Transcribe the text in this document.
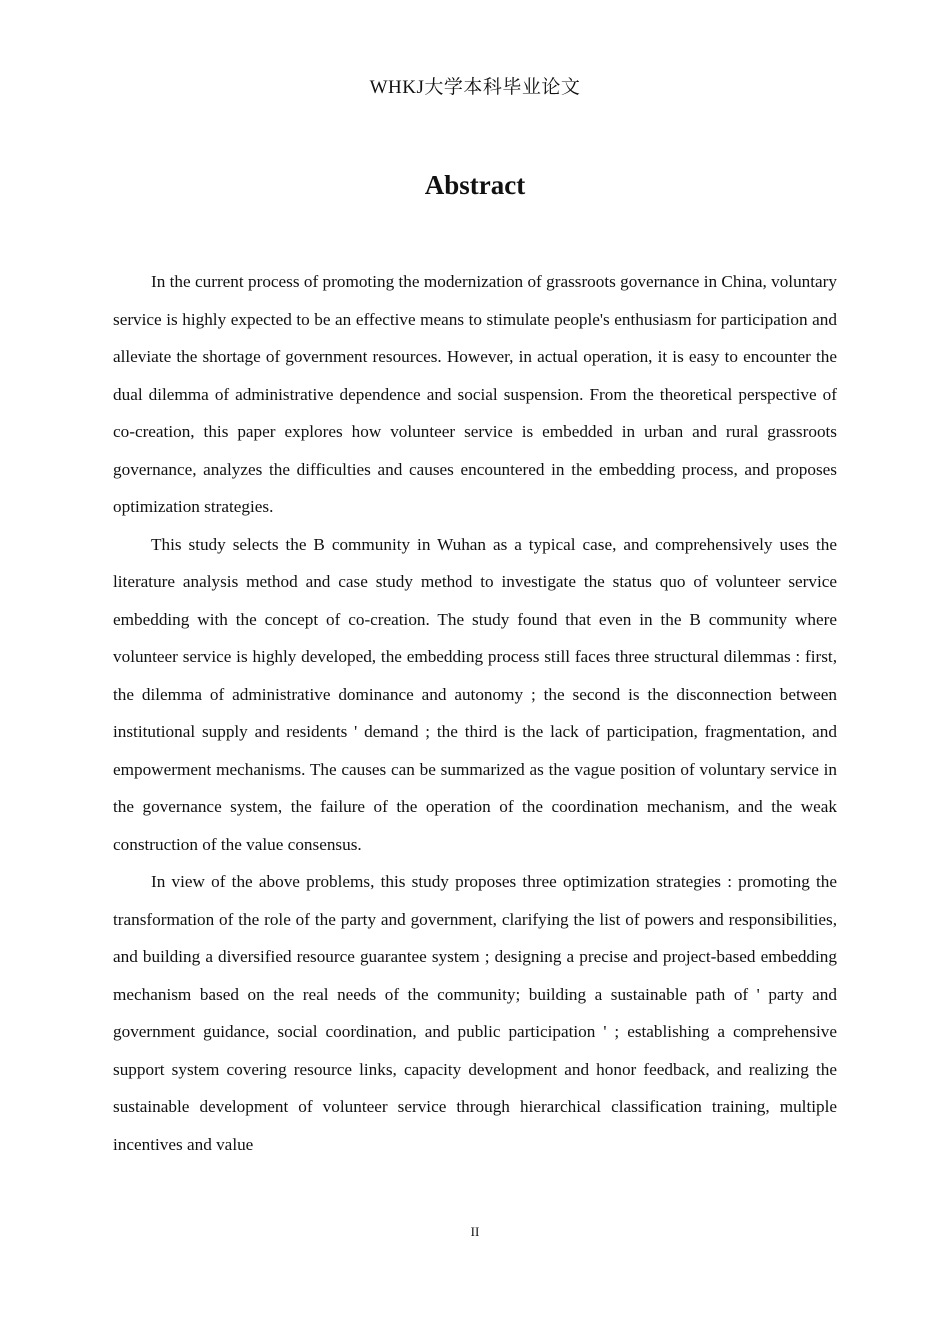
WHKJ大学本科毕业论文
Abstract

In the current process of promoting the modernization of grassroots governance in China, voluntary service is highly expected to be an effective means to stimulate people's enthusiasm for participation and alleviate the shortage of government resources. However, in actual operation, it is easy to encounter the dual dilemma of administrative dependence and social suspension. From the theoretical perspective of co-creation, this paper explores how volunteer service is embedded in urban and rural grassroots governance, analyzes the difficulties and causes encountered in the embedding process, and proposes optimization strategies.

This study selects the B community in Wuhan as a typical case, and comprehensively uses the literature analysis method and case study method to investigate the status quo of volunteer service embedding with the concept of co-creation. The study found that even in the B community where volunteer service is highly developed, the embedding process still faces three structural dilemmas : first, the dilemma of administrative dominance and autonomy ; the second is the disconnection between institutional supply and residents ' demand ; the third is the lack of participation, fragmentation, and empowerment mechanisms. The causes can be summarized as the vague position of voluntary service in the governance system, the failure of the operation of the coordination mechanism, and the weak construction of the value consensus.

In view of the above problems, this study proposes three optimization strategies : promoting the transformation of the role of the party and government, clarifying the list of powers and responsibilities, and building a diversified resource guarantee system ; designing a precise and project-based embedding mechanism based on the real needs of the community; building a sustainable path of ' party and government guidance, social coordination, and public participation ' ; establishing a comprehensive support system covering resource links, capacity development and honor feedback, and realizing the sustainable development of volunteer service through hierarchical classification training, multiple incentives and value

II
